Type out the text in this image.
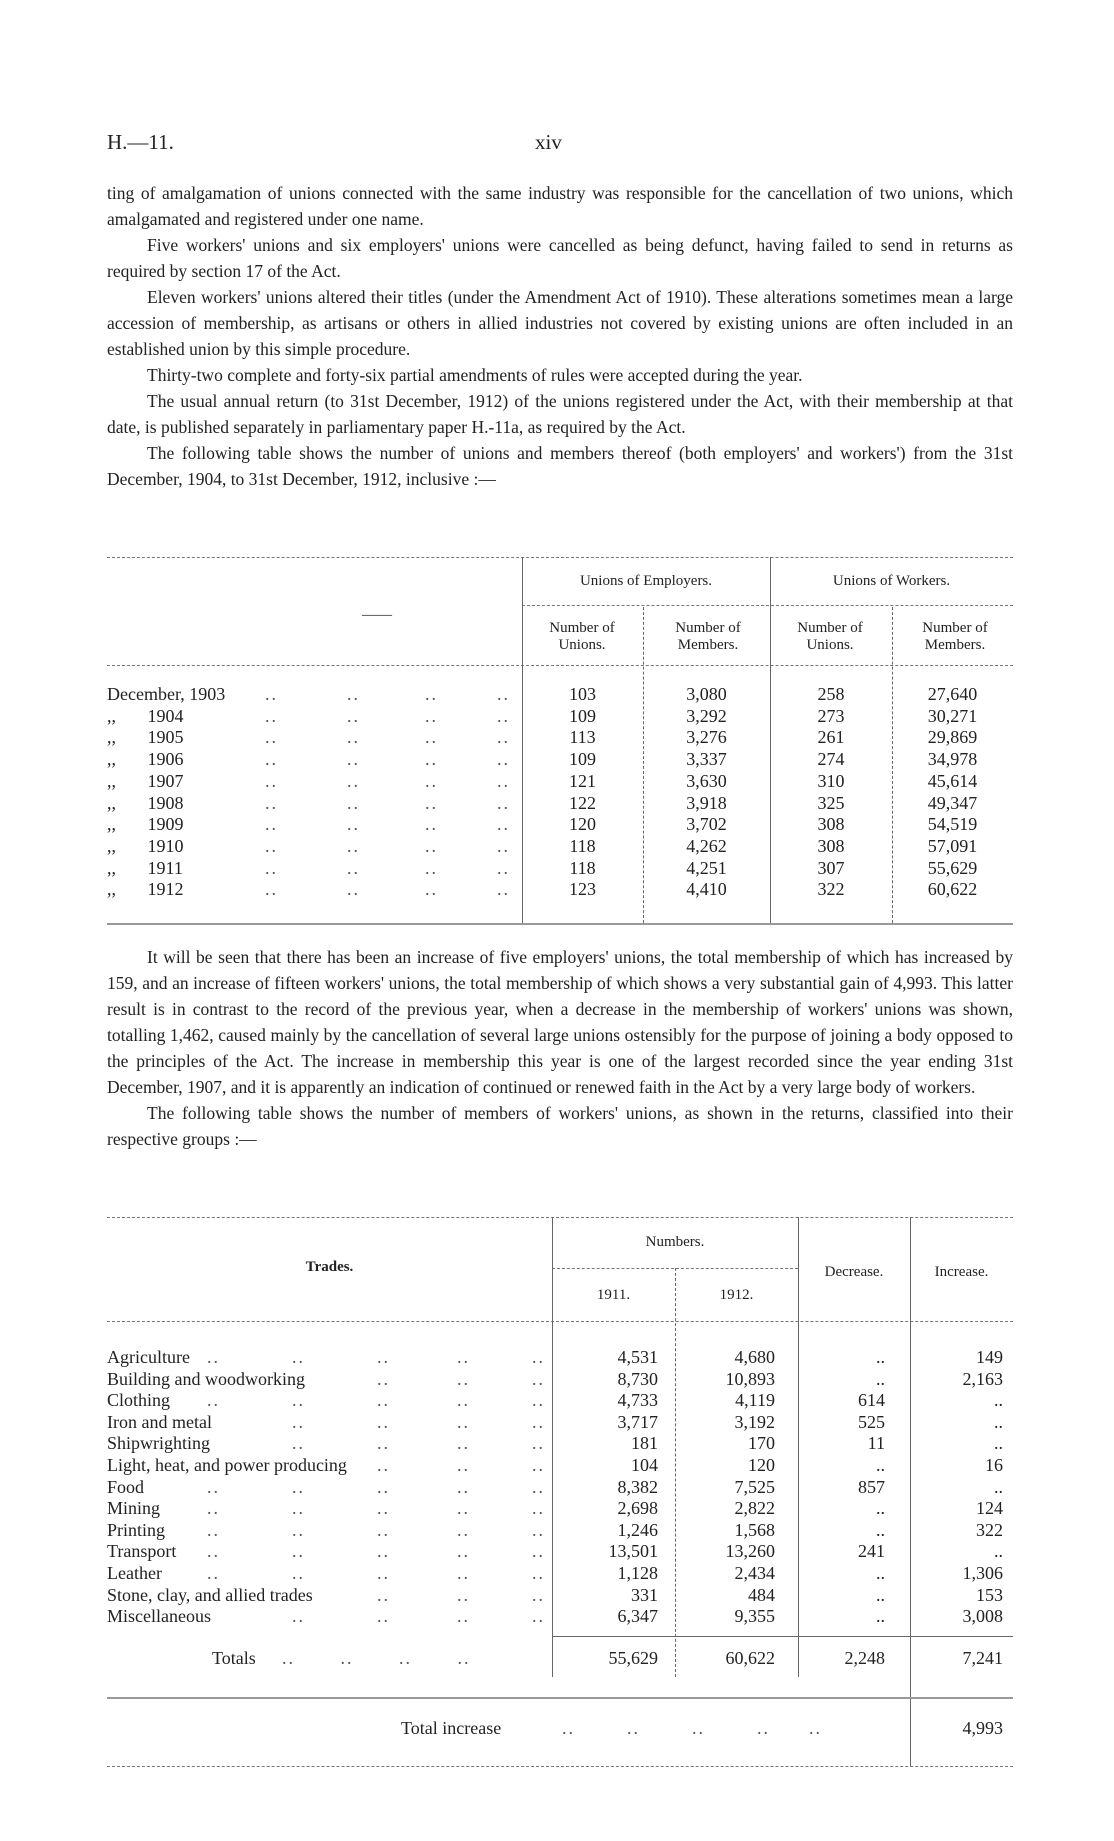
H.—11.	xiv

ting of amalgamation of unions connected with the same industry was responsible for the cancellation of two unions, which amalgamated and registered under one name.

Five workers' unions and six employers' unions were cancelled as being defunct, having failed to send in returns as required by section 17 of the Act.

Eleven workers' unions altered their titles (under the Amendment Act of 1910). These alterations sometimes mean a large accession of membership, as artisans or others in allied industries not covered by existing unions are often included in an established union by this simple procedure.

Thirty-two complete and forty-six partial amendments of rules were accepted during the year.

The usual annual return (to 31st December, 1912) of the unions registered under the Act, with their membership at that date, is published separately in parliamentary paper H.-11a, as required by the Act.

The following table shows the number of unions and members thereof (both employers' and workers') from the 31st December, 1904, to 31st December, 1912, inclusive :—

——
Unions of Employers.	Unions of Workers.
Number of Unions.
Number of Members.
Number of Unions.
Number of Members.
December, 1903 ..	..	..	..	103	3,080	258	27,640
,,       1904	..	..	..	..	109	3,292	273	30,271
,,       1905	..	..	..	..	113	3,276	261	29,869
,,       1906	..	..	..	..	109	3,337	274	34,978
,,       1907	..	..	..	..	121	3,630	310	45,614
,,       1908	..	..	..	..	122	3,918	325	49,347
,,       1909	..	..	..	..	120	3,702	308	54,519
,,       1910	..	..	..	..	118	4,262	308	57,091
,,       1911	..	..	..	..	118	4,251	307	55,629
,,       1912	..	..	..	..	123	4,410	322	60,622

It will be seen that there has been an increase of five employers' unions, the total membership of which has increased by 159, and an increase of fifteen workers' unions, the total membership of which shows a very substantial gain of 4,993. This latter result is in contrast to the record of the previous year, when a decrease in the membership of workers' unions was shown, totalling 1,462, caused mainly by the cancellation of several large unions ostensibly for the purpose of joining a body opposed to the principles of the Act. The increase in membership this year is one of the largest recorded since the year ending 31st December, 1907, and it is apparently an indication of continued or renewed faith in the Act by a very large body of workers.

The following table shows the number of members of workers' unions, as shown in the returns, classified into their respective groups :—

Trades.
Numbers.
1911.	1912.
Decrease.	Increase.
Agriculture ..	..	..	..	..	4,531	4,680	..	149
Building and woodworking	..	..	..	8,730	10,893	..	2,163
Clothing ..	..	..	..	..	4,733	4,119	614	..
Iron and metal	..	..	..	..	3,717	3,192	525	..
Shipwrighting	..	..	..	..	181	170	11	..
Light, heat, and power producing ..	..	..	104	120	..	16
Food	..	..	..	..	..	8,382	7,525	857	..
Mining	..	..	..	..	..	2,698	2,822	..	124
Printing ..	..	..	..	..	1,246	1,568	..	322
Transport ..	..	..	..	..	13,501	13,260	241	..
Leather	..	..	..	..	..	1,128	2,434	..	1,306
Stone, clay, and allied trades	..	..	..	331	484	..	153
Miscellaneous	..	..	..	..	6,347	9,355	..	3,008
Totals ..       ..       ..       ..	55,629	60,622	2,248	7,241
Total increase	..        ..        ..        ..      ..	4,993
